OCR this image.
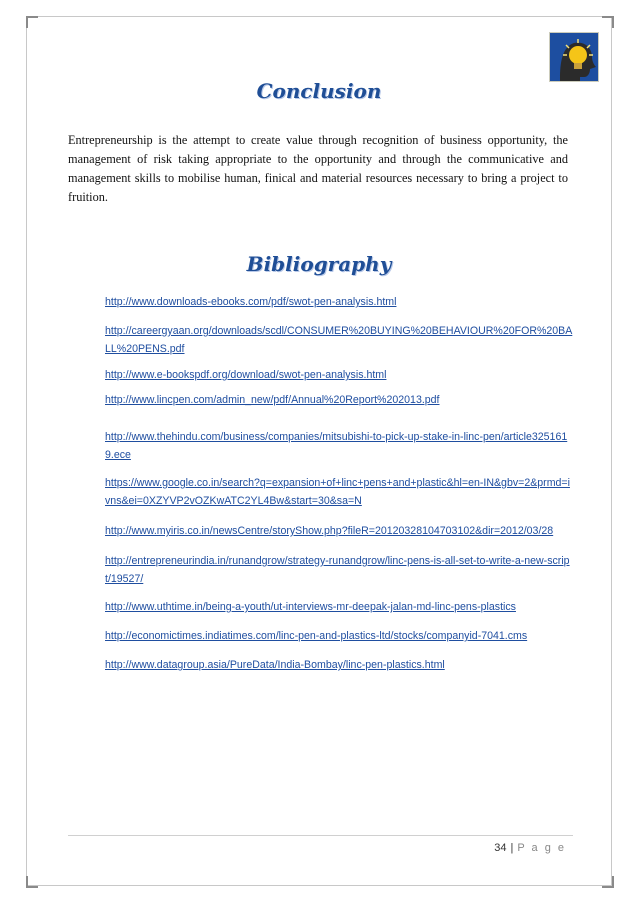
Conclusion

Entrepreneurship is the attempt to create value through recognition of business opportunity, the management of risk taking appropriate to the opportunity and through the communicative and management skills to mobilise human, finical and material resources necessary to bring a project to fruition.

Bibliography
http://www.downloads-ebooks.com/pdf/swot-pen-analysis.html
http://careergyaan.org/downloads/scdl/CONSUMER%20BUYING%20BEHAVIOUR%20FOR%20BALL%20PENS.pdf
http://www.e-bookspdf.org/download/swot-pen-analysis.html
http://www.lincpen.com/admin_new/pdf/Annual%20Report%202013.pdf
http://www.thehindu.com/business/companies/mitsubishi-to-pick-up-stake-in-linc-pen/article3251619.ece
https://www.google.co.in/search?q=expansion+of+linc+pens+and+plastic&hl=en-IN&gbv=2&prmd=ivns&ei=0XZYVP2vOZKwATC2YL4Bw&start=30&sa=N
http://www.myiris.co.in/newsCentre/storyShow.php?fileR=20120328104703102&dir=2012/03/28
http://entrepreneurindia.in/runandgrow/strategy-runandgrow/linc-pens-is-all-set-to-write-a-new-script/19527/
http://www.uthtime.in/being-a-youth/ut-interviews-mr-deepak-jalan-md-linc-pens-plastics
http://economictimes.indiatimes.com/linc-pen-and-plastics-ltd/stocks/companyid-7041.cms
http://www.datagroup.asia/PureData/India-Bombay/linc-pen-plastics.html
34 | P a g e
